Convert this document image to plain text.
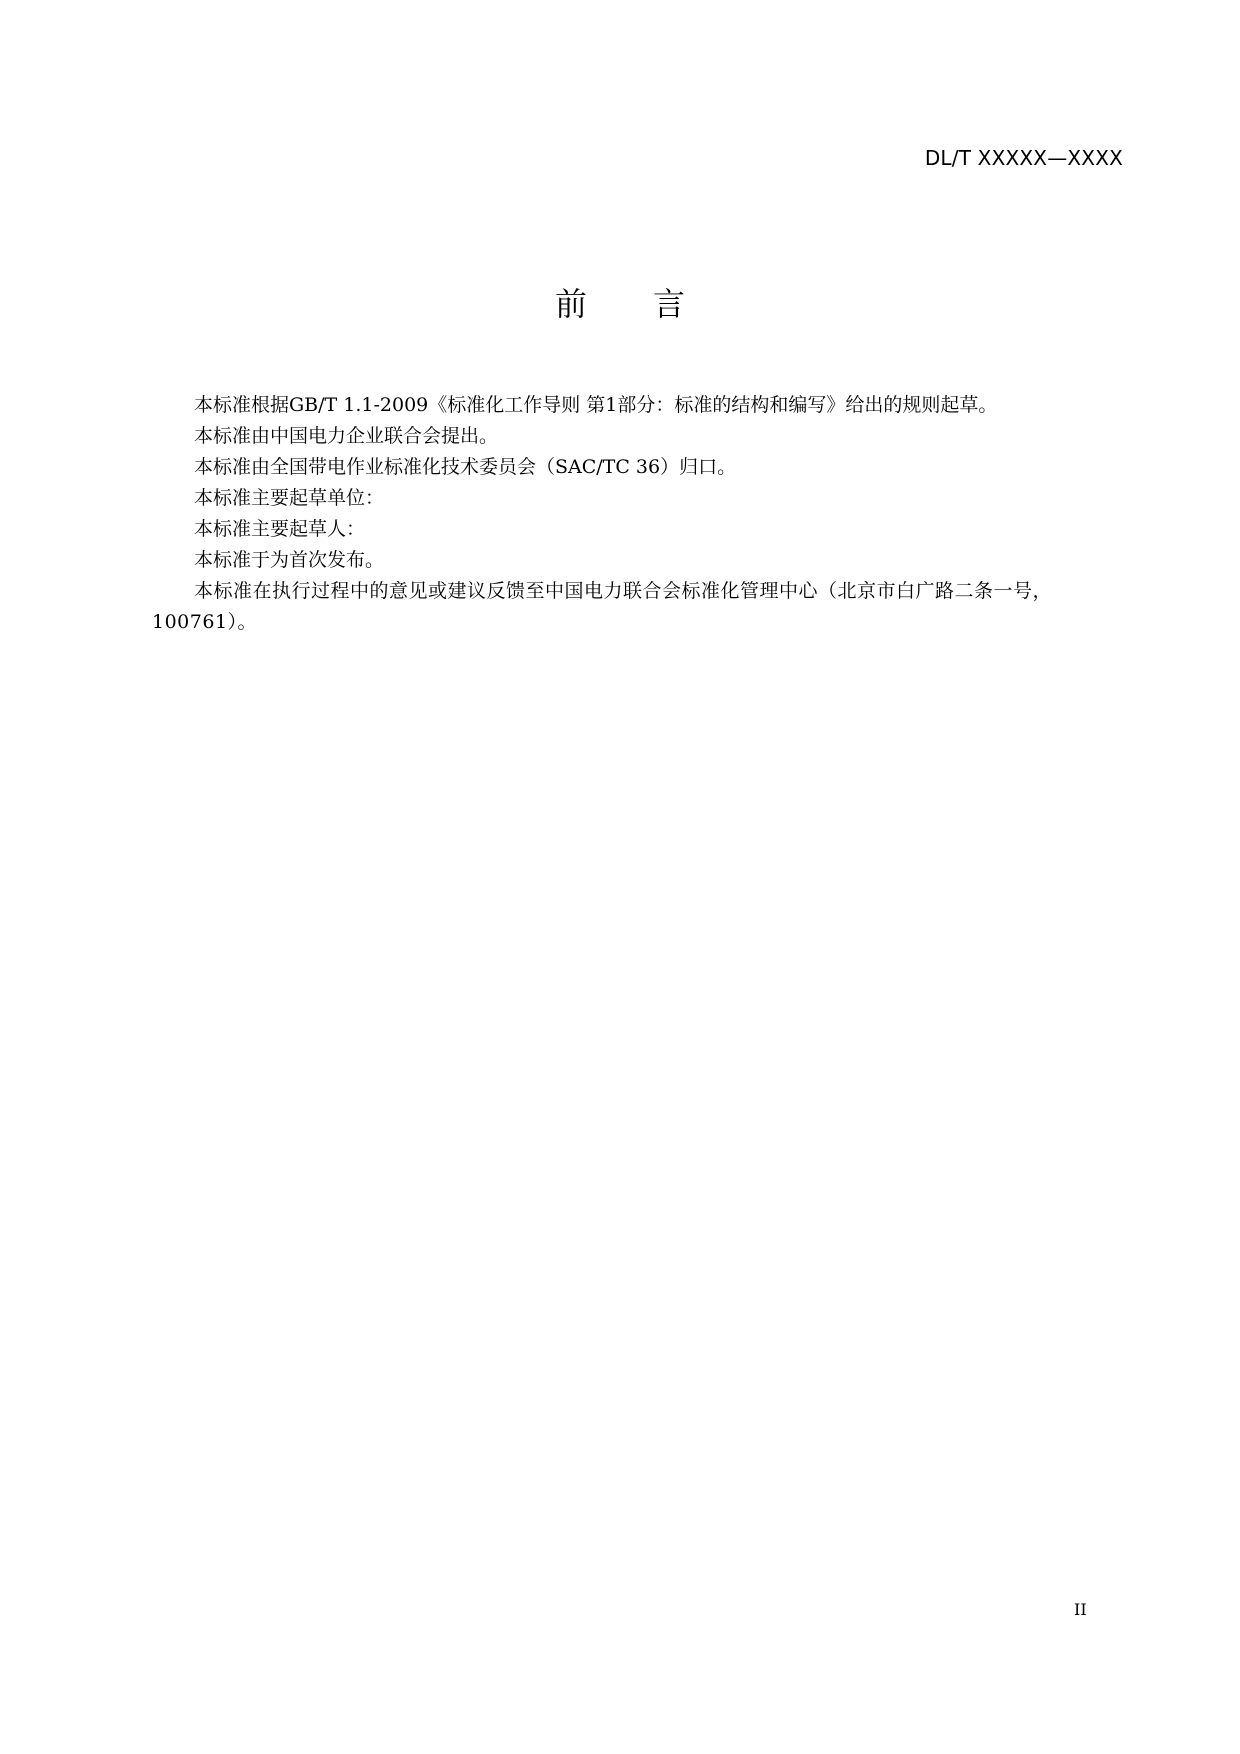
DL/T XXXXX—XXXX
前 言

本标准根据GB/T 1.1-2009《标准化工作导则 第1部分：标准的结构和编写》给出的规则起草。

本标准由中国电力企业联合会提出。

本标准由全国带电作业标准化技术委员会（SAC/TC 36）归口。

本标准主要起草单位：

本标准主要起草人：

本标准于为首次发布。

本标准在执行过程中的意见或建议反馈至中国电力联合会标准化管理中心（北京市白广路二条一号，100761）。

II
